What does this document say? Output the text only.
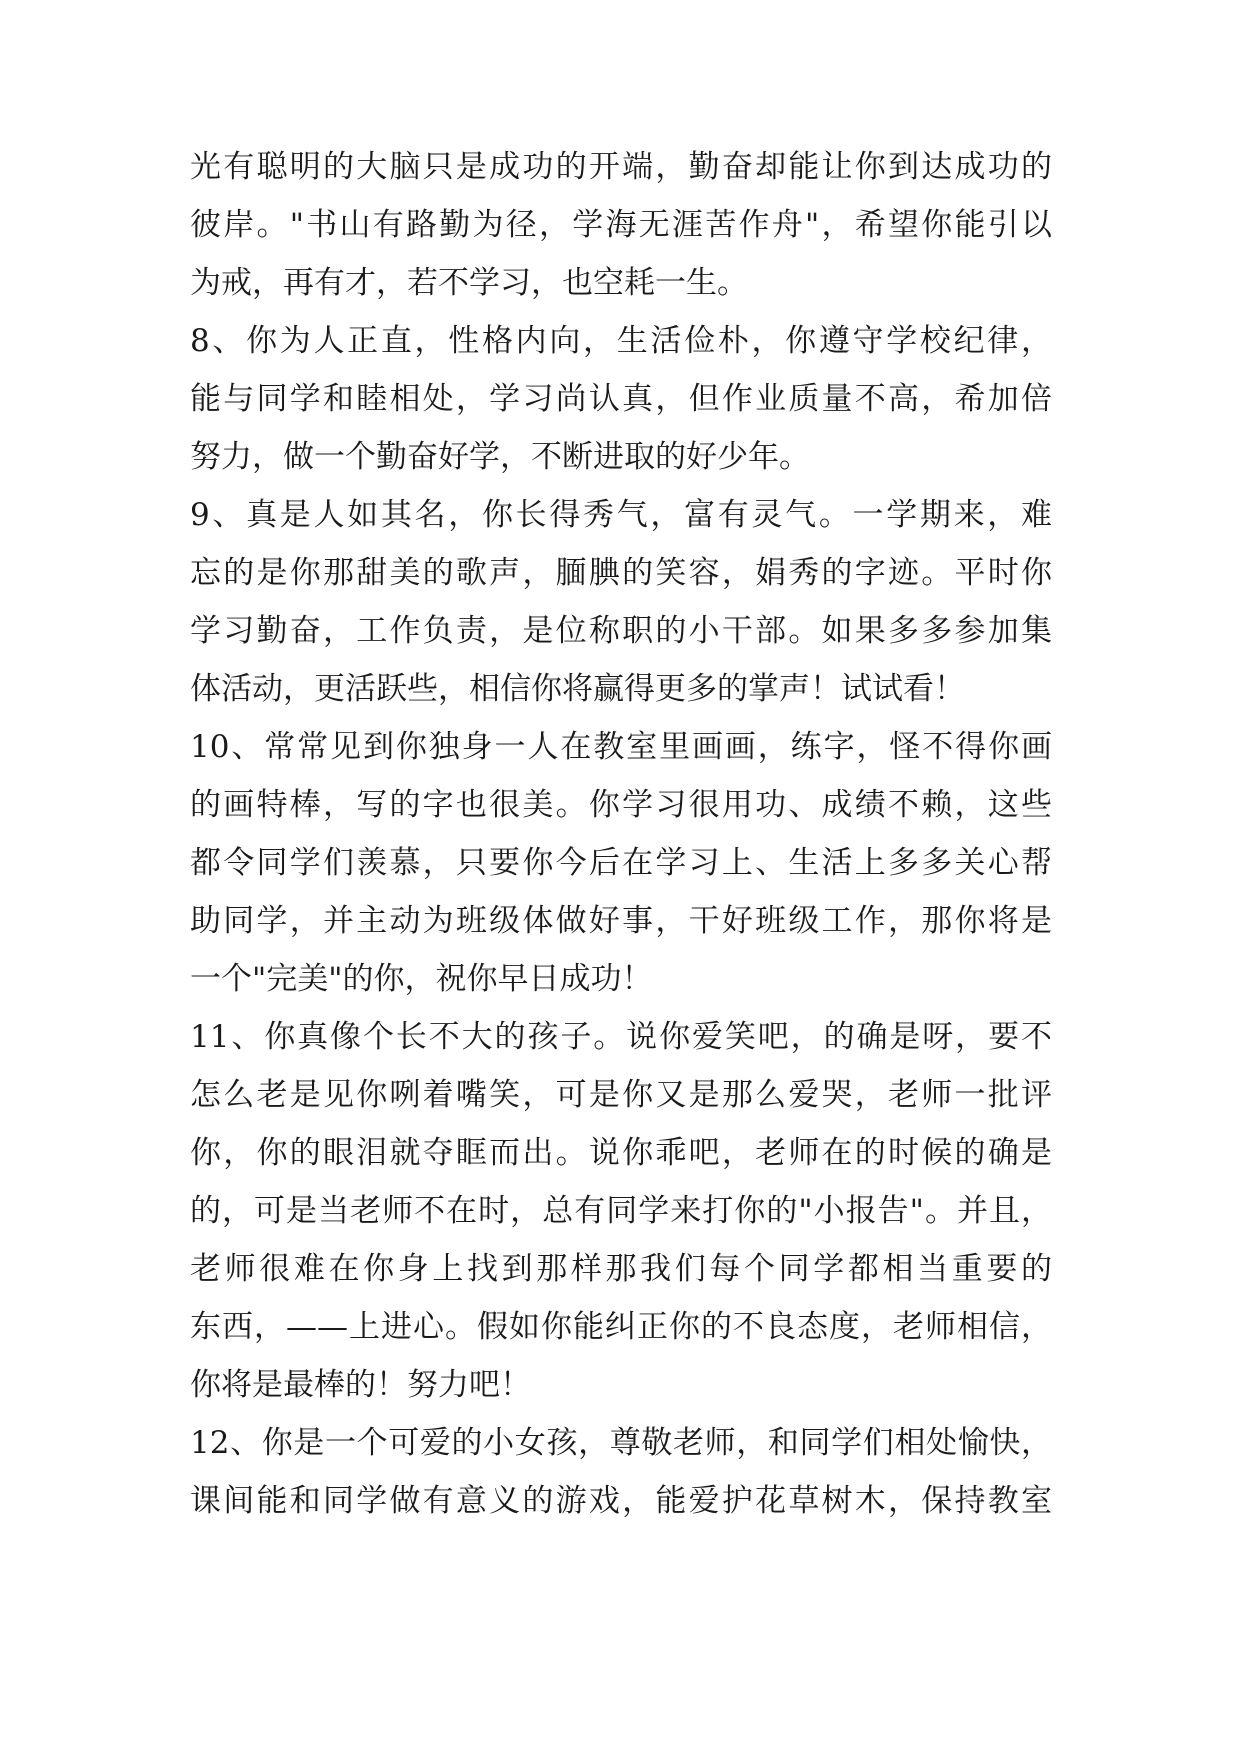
光有聪明的大脑只是成功的开端，勤奋却能让你到达成功的
彼岸。"书山有路勤为径，学海无涯苦作舟"，希望你能引以
为戒，再有才，若不学习，也空耗一生。
8、你为人正直，性格内向，生活俭朴，你遵守学校纪律，
能与同学和睦相处，学习尚认真，但作业质量不高，希加倍
努力，做一个勤奋好学，不断进取的好少年。
9、真是人如其名，你长得秀气，富有灵气。一学期来，难
忘的是你那甜美的歌声，腼腆的笑容，娟秀的字迹。平时你
学习勤奋，工作负责，是位称职的小干部。如果多多参加集
体活动，更活跃些，相信你将赢得更多的掌声！试试看！
10、常常见到你独身一人在教室里画画，练字，怪不得你画
的画特棒，写的字也很美。你学习很用功、成绩不赖，这些
都令同学们羡慕，只要你今后在学习上、生活上多多关心帮
助同学，并主动为班级体做好事，干好班级工作，那你将是
一个"完美"的你，祝你早日成功！
11、你真像个长不大的孩子。说你爱笑吧，的确是呀，要不
怎么老是见你咧着嘴笑，可是你又是那么爱哭，老师一批评
你，你的眼泪就夺眶而出。说你乖吧，老师在的时候的确是
的，可是当老师不在时，总有同学来打你的"小报告"。并且，
老师很难在你身上找到那样那我们每个同学都相当重要的
东西，——上进心。假如你能纠正你的不良态度，老师相信，
你将是最棒的！努力吧！
12、你是一个可爱的小女孩，尊敬老师，和同学们相处愉快，
课间能和同学做有意义的游戏，能爱护花草树木，保持教室
